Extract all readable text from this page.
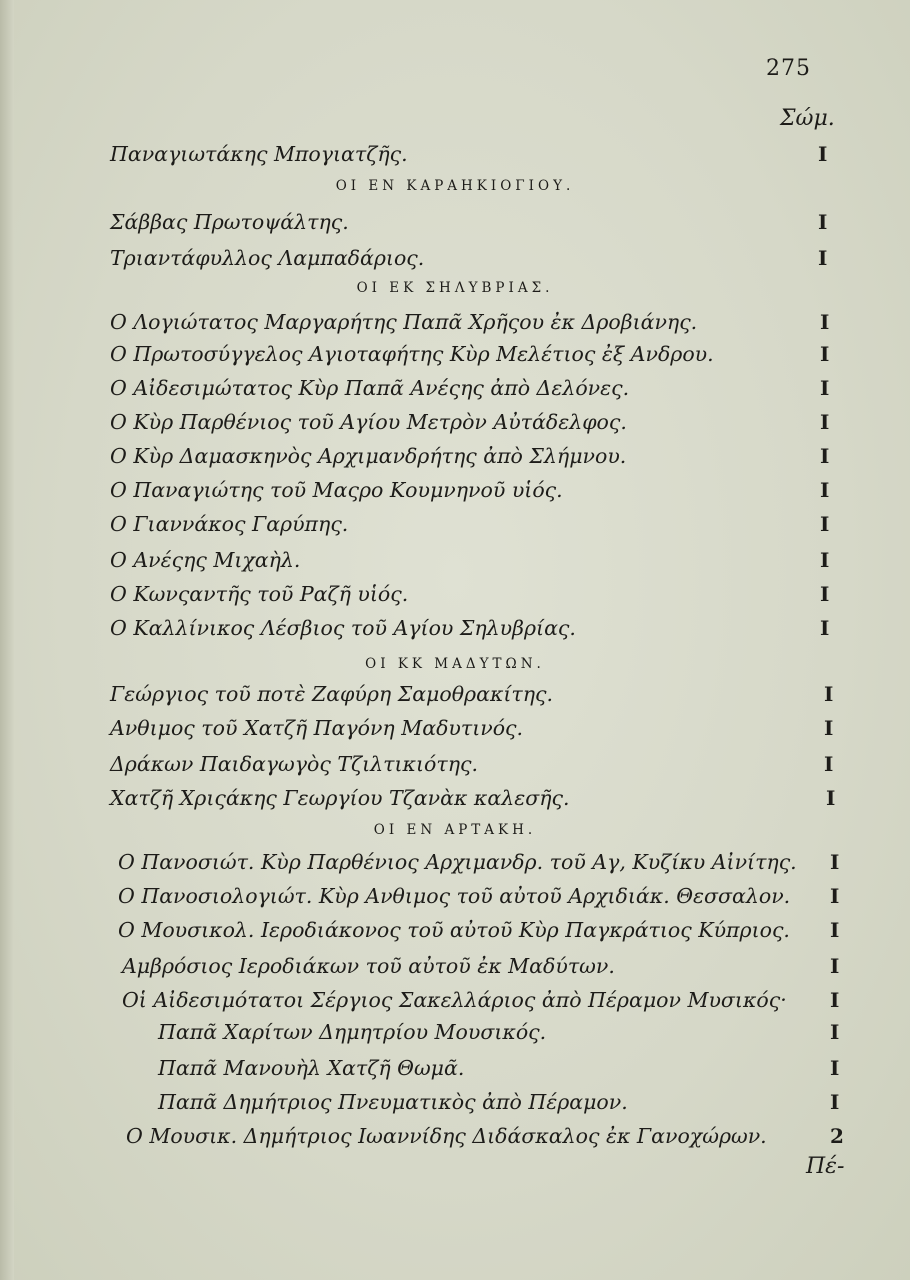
275
Σώμ.
Παναγιωτάκης Μπογιατζῆς.	I
ΟΙ ΕΝ ΚΑΡΑΗΚΙΟΓΙΟΥ.
Σάββας Πρωτοψάλτης.	I
Τριαντάφυλλος Λαμπαδάριος.	I
ΟΙ ΕΚ ΣΗΛΥΒΡΙΑΣ.
Ο Λογιώτατος Μαργαρήτης Παπᾶ Χρῆςου ἐκ Δροβιάνης.	I
Ο Πρωτοσύγγελος Αγιοταφήτης Κὺρ Μελέτιος ἐξ Ανδρου.	I
Ο Αἰδεσιμώτατος Κὺρ Παπᾶ Ανέςης ἀπὸ Δελόνες.	I
Ο Κὺρ Παρθένιος τοῦ Αγίου Μετρὸν Αὐτάδελφος.	I
Ο Κὺρ Δαμασκηνὸς Αρχιμανδρήτης ἀπὸ Σλήμνου.	I
Ο Παναγιώτης τοῦ Μαςρο Κουμνηνοῦ υἱός.	I
Ο Γιαννάκος Γαρύπης.	I
Ο Ανέςης Μιχαὴλ.	I
Ο Κωνςαντῆς τοῦ Ραζῆ υἱός.	I
Ο Καλλίνικος Λέσβιος τοῦ Αγίου Σηλυβρίας.	I
ΟΙ ΚΚ ΜΑΔΥΤΩΝ.
Γεώργιος τοῦ ποτὲ Ζαφύρη Σαμοθρακίτης.	I
Ανθιμος τοῦ Χατζῆ Παγόνη Μαδυτινός.	I
Δράκων Παιδαγωγὸς Τζιλτικιότης.	I
Χατζῆ Χριςάκης Γεωργίου Τζανὰκ καλεσῆς.	I
ΟΙ ΕΝ ΑΡΤΑΚΗ.
Ο Πανοσιώτ. Κὺρ Παρθένιος Αρχιμανδρ. τοῦ Αγ, Κυζίκυ Αἰνίτης. I
Ο Πανοσιολογιώτ. Κὺρ Ανθιμος τοῦ αὐτοῦ Αρχιδιάκ. Θεσσαλον. I
Ο Μουσικολ. Ιεροδιάκονος τοῦ αὐτοῦ Κὺρ Παγκράτιος Κύπριος. I
Αμβρόσιος Ιεροδιάκων τοῦ αὐτοῦ ἐκ Μαδύτων.	I
Οἱ Αἰδεσιμότατοι Σέργιος Σακελλάριος ἀπὸ Πέραμον Μυσικός· I
Παπᾶ Χαρίτων Δημητρίου Μουσικός.	I
Παπᾶ Μανουὴλ Χατζῆ Θωμᾶ.	I
Παπᾶ Δημήτριος Πνευματικὸς ἀπὸ Πέραμον.	I
Ο Μουσικ. Δημήτριος Ιωαννίδης Διδάσκαλος ἐκ Γανοχώρων.	2
Πέ-
